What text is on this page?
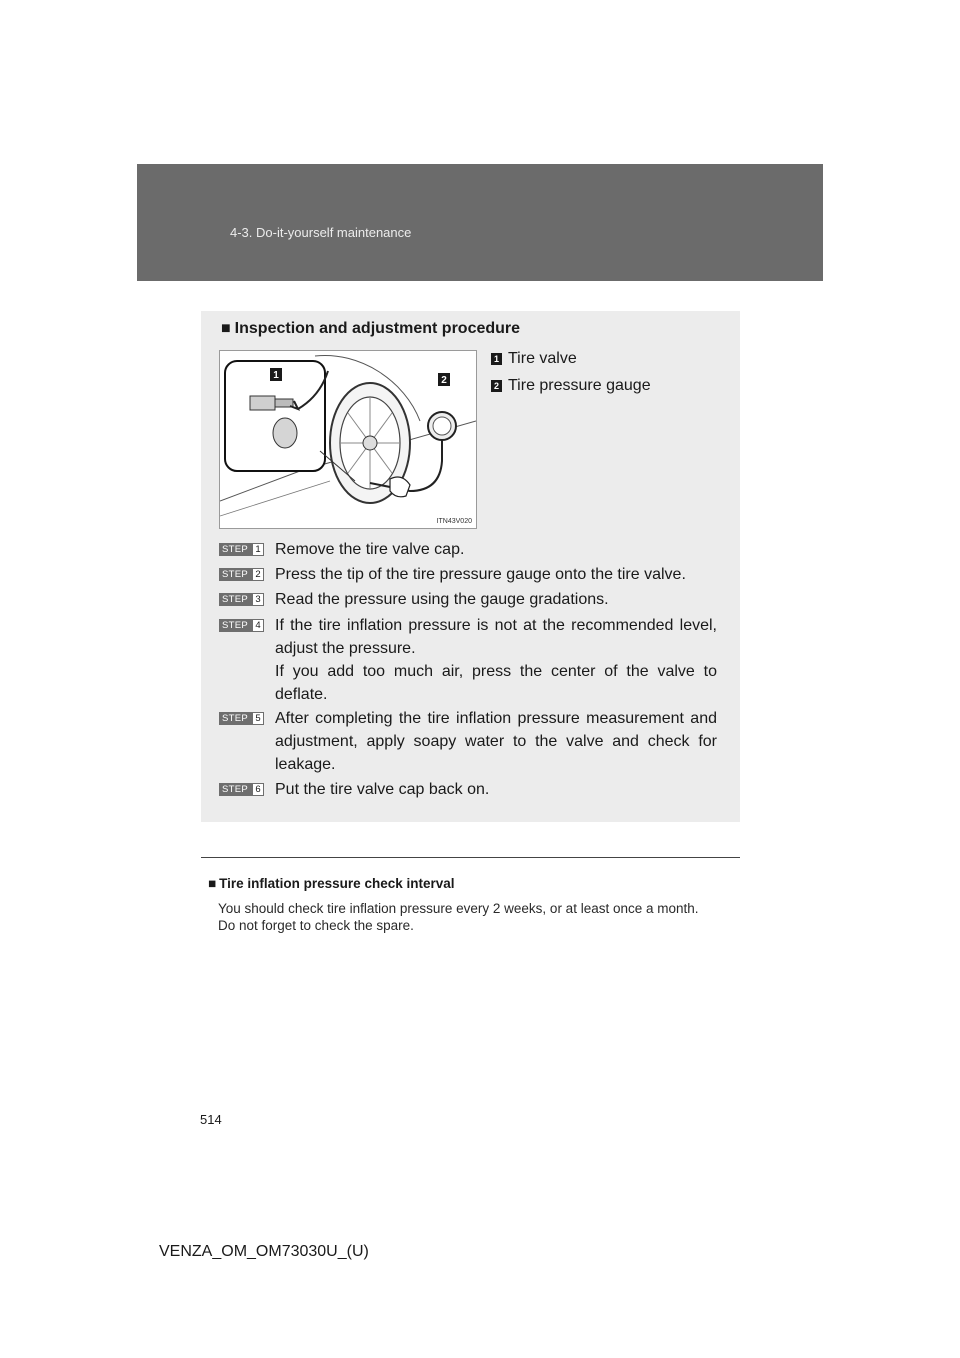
4-3. Do-it-yourself maintenance
■ Inspection and adjustment procedure
1	2
ITN43V020
1 Tire valve
2 Tire pressure gauge
STEP 1 Remove the tire valve cap.

STEP 2 Press the tip of the tire pressure gauge onto the tire valve.

STEP 3 Read the pressure using the gauge gradations.

STEP 4 If the tire inflation pressure is not at the recommended level, adjust the pressure.

If you add too much air, press the center of the valve to deflate.

STEP 5 After completing the tire inflation pressure measurement and adjustment, apply soapy water to the valve and check for leakage.

STEP 6 Put the tire valve cap back on.

■ Tire inflation pressure check interval

You should check tire inflation pressure every 2 weeks, or at least once a month.

Do not forget to check the spare.

514
VENZA_OM_OM73030U_(U)
